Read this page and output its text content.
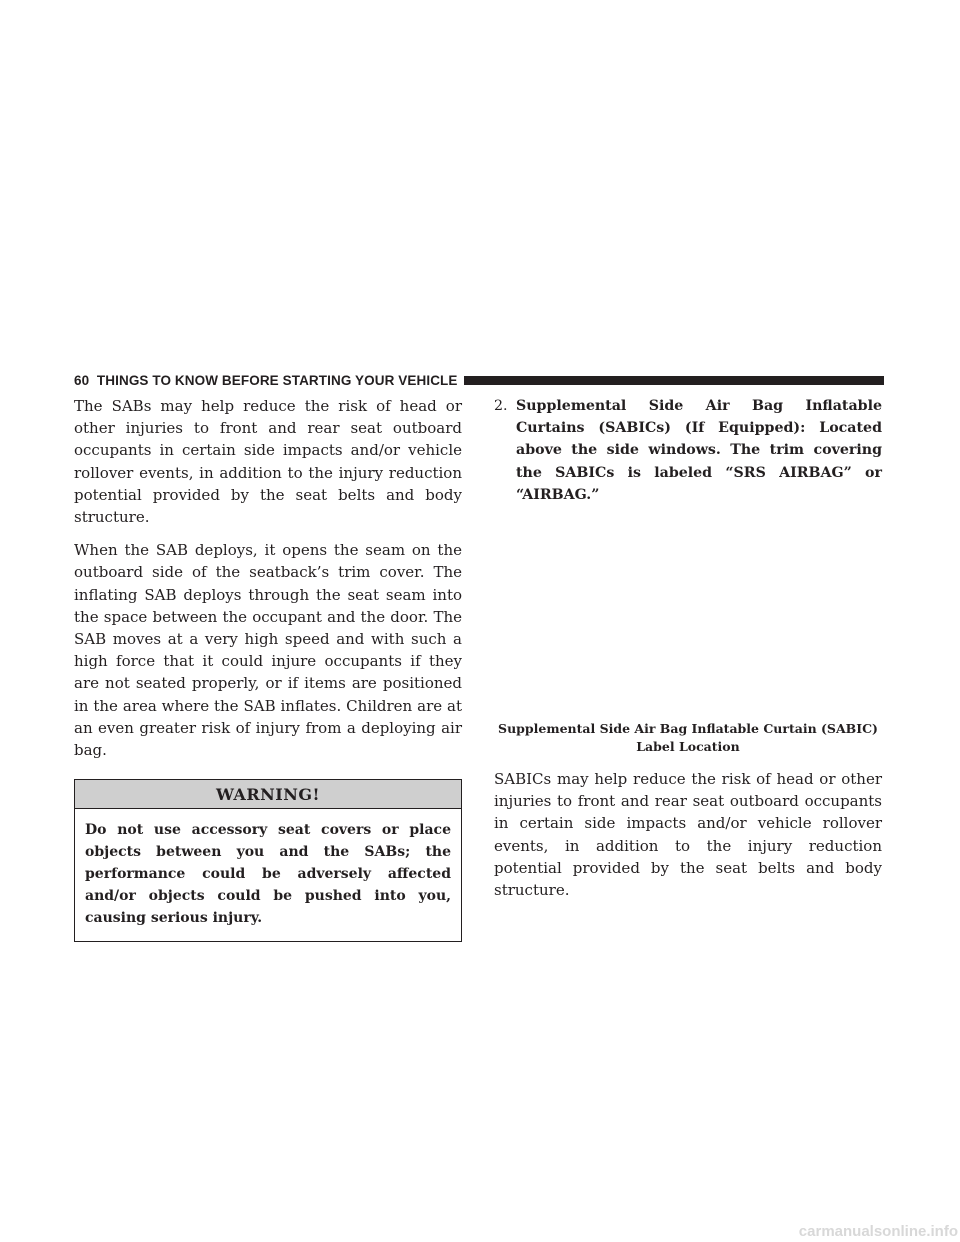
60 THINGS TO KNOW BEFORE STARTING YOUR VEHICLE

The SABs may help reduce the risk of head or other injuries to front and rear seat outboard occupants in certain side impacts and/or vehicle rollover events, in addition to the injury reduction potential provided by the seat belts and body structure.

When the SAB deploys, it opens the seam on the outboard side of the seatback’s trim cover. The inflating SAB deploys through the seat seam into the space between the occupant and the door. The SAB moves at a very high speed and with such a high force that it could injure occupants if they are not seated properly, or if items are positioned in the area where the SAB inflates. Children are at an even greater risk of injury from a deploying air bag.

WARNING!
Do not use accessory seat covers or place objects between you and the SABs; the performance could be adversely affected and/or objects could be pushed into you, causing serious injury.
2. Supplemental Side Air Bag Inflatable Curtains (SABICs) (If Equipped): Located above the side windows. The trim covering the SABICs is labeled “SRS AIRBAG” or “AIRBAG.”
Supplemental Side Air Bag Inflatable Curtain (SABIC)
Label Location

SABICs may help reduce the risk of head or other injuries to front and rear seat outboard occupants in certain side impacts and/or vehicle rollover events, in addition to the injury reduction potential provided by the seat belts and body structure.

carmanualsonline.info
